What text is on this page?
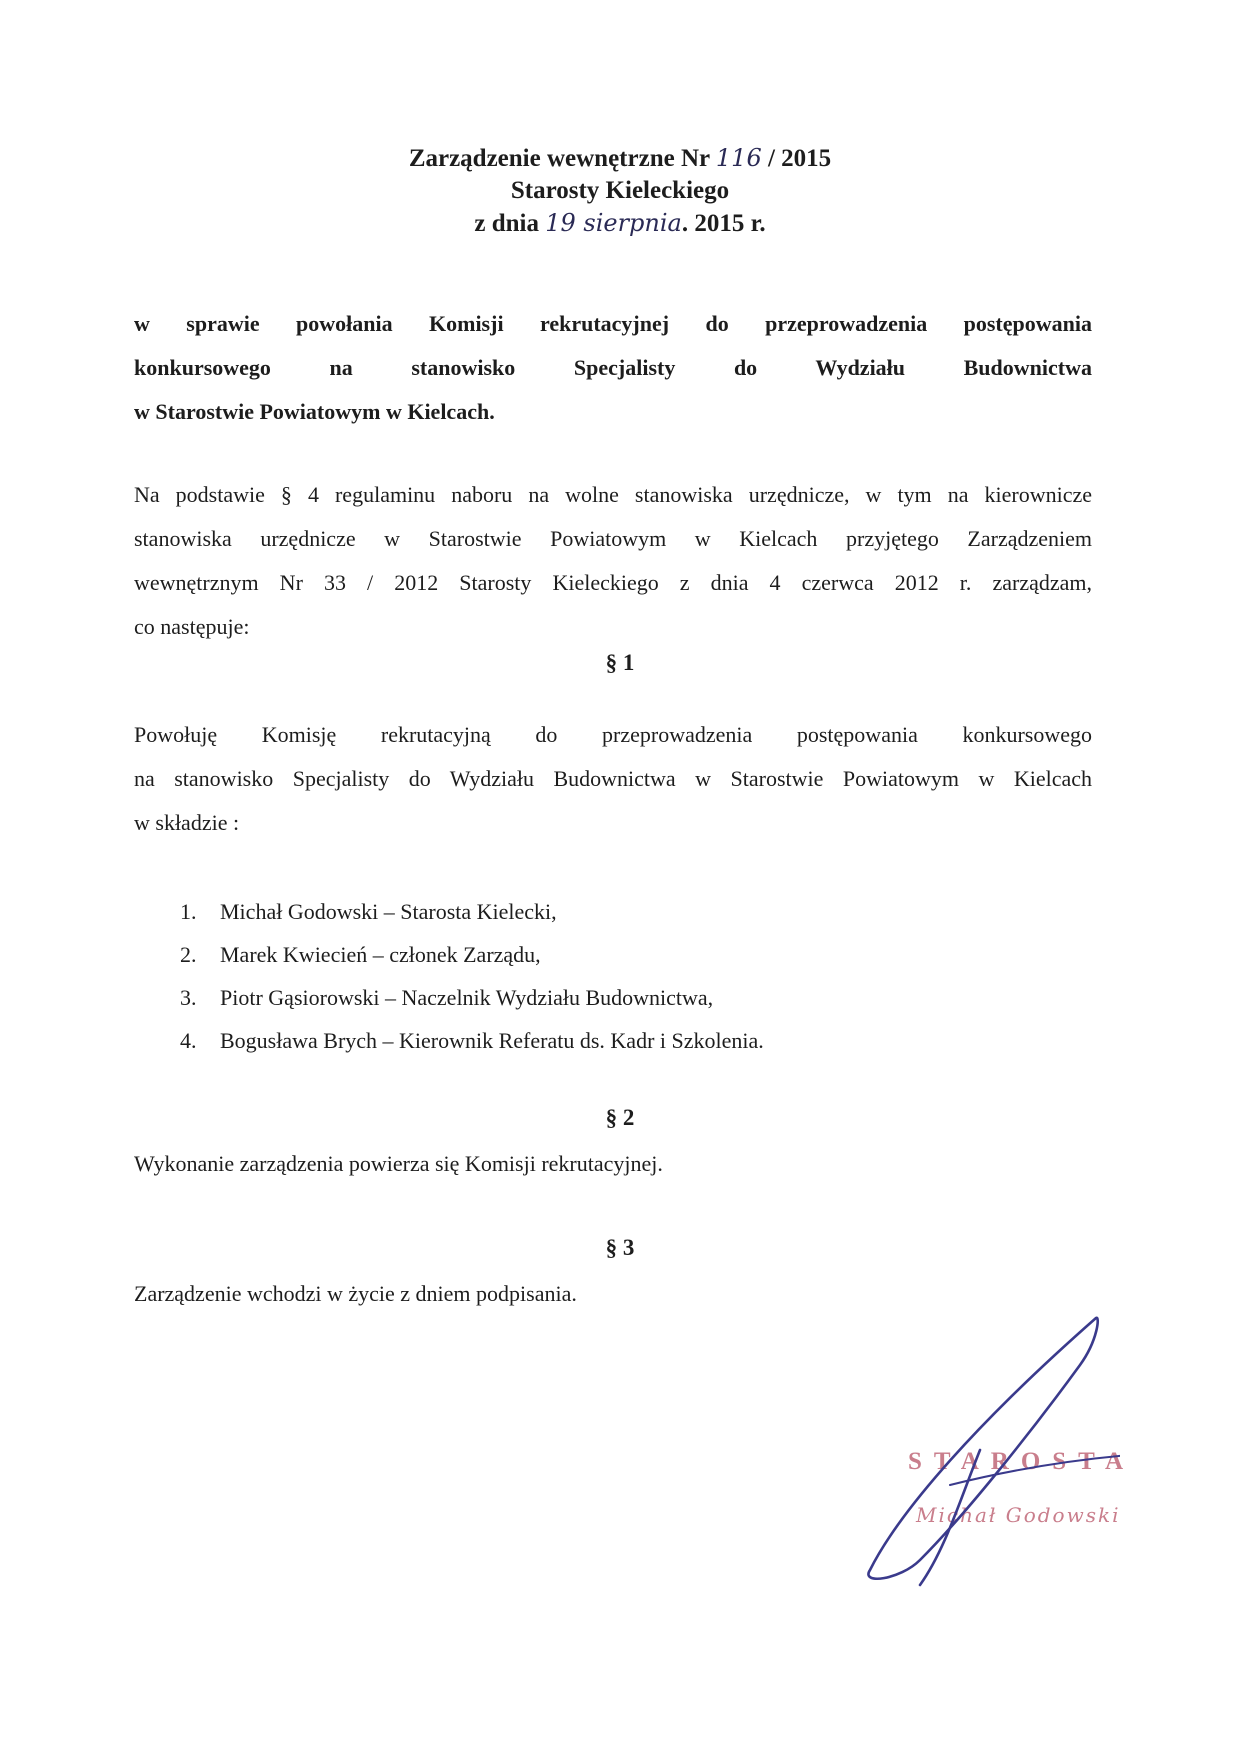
Zarządzenie wewnętrzne Nr 116 / 2015
Starosty Kieleckiego
z dnia 19 sierpnia. 2015 r.
w sprawie powołania Komisji rekrutacyjnej do przeprowadzenia postępowania
konkursowego na stanowisko Specjalisty do Wydziału Budownictwa
w Starostwie Powiatowym w Kielcach.
Na podstawie § 4 regulaminu naboru na wolne stanowiska urzędnicze, w tym na kierownicze
stanowiska urzędnicze w Starostwie Powiatowym w Kielcach przyjętego Zarządzeniem
wewnętrznym Nr 33 / 2012 Starosty Kieleckiego z dnia 4 czerwca 2012 r. zarządzam,
co następuje:
§ 1
Powołuję Komisję rekrutacyjną do przeprowadzenia postępowania konkursowego
na stanowisko Specjalisty do Wydziału Budownictwa w Starostwie Powiatowym w Kielcach
w składzie :
1. Michał Godowski – Starosta Kielecki,
2. Marek Kwiecień – członek Zarządu,
3. Piotr Gąsiorowski – Naczelnik Wydziału Budownictwa,
4. Bogusława Brych – Kierownik Referatu ds. Kadr i Szkolenia.
§ 2
Wykonanie zarządzenia powierza się Komisji rekrutacyjnej.
§ 3
Zarządzenie wchodzi w życie z dniem podpisania.
STAROSTA
Michał Godowski
